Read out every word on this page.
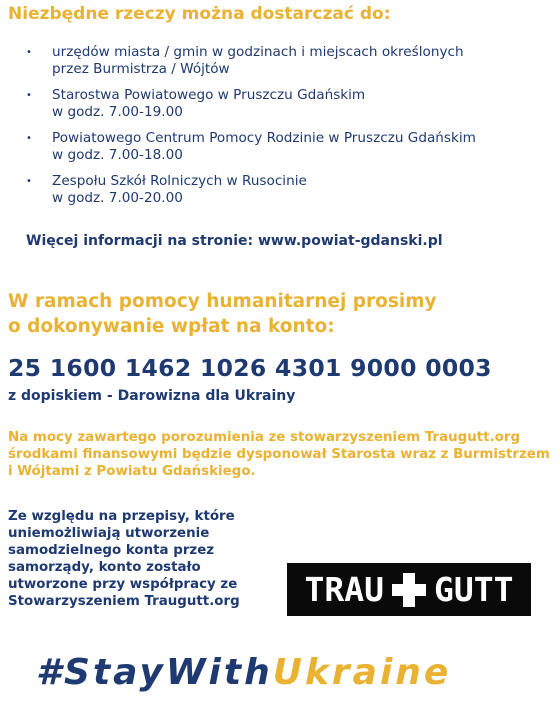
Niezbędne rzeczy można dostarczać do:
• urzędów miasta / gmin w godzinach i miejscach określonych
przez Burmistrza / Wójtów
• Starostwa Powiatowego w Pruszczu Gdańskim
w godz. 7.00-19.00
• Powiatowego Centrum Pomocy Rodzinie w Pruszczu Gdańskim
w godz. 7.00-18.00
• Zespołu Szkół Rolniczych w Rusocinie
w godz. 7.00-20.00
Więcej informacji na stronie: www.powiat-gdanski.pl
W ramach pomocy humanitarnej prosimy
o dokonywanie wpłat na konto:
25 1600 1462 1026 4301 9000 0003
z dopiskiem - Darowizna dla Ukrainy
Na mocy zawartego porozumienia ze stowarzyszeniem Traugutt.org środkami finansowymi będzie dysponował Starosta wraz z Burmistrzem i Wójtami z Powiatu Gdańskiego.
Ze względu na przepisy, które uniemożliwiają utworzenie samodzielnego konta przez samorządy, konto zostało utworzone przy współpracy ze Stowarzyszeniem Traugutt.org	TRAU GUTT
#StayWithUkraine
